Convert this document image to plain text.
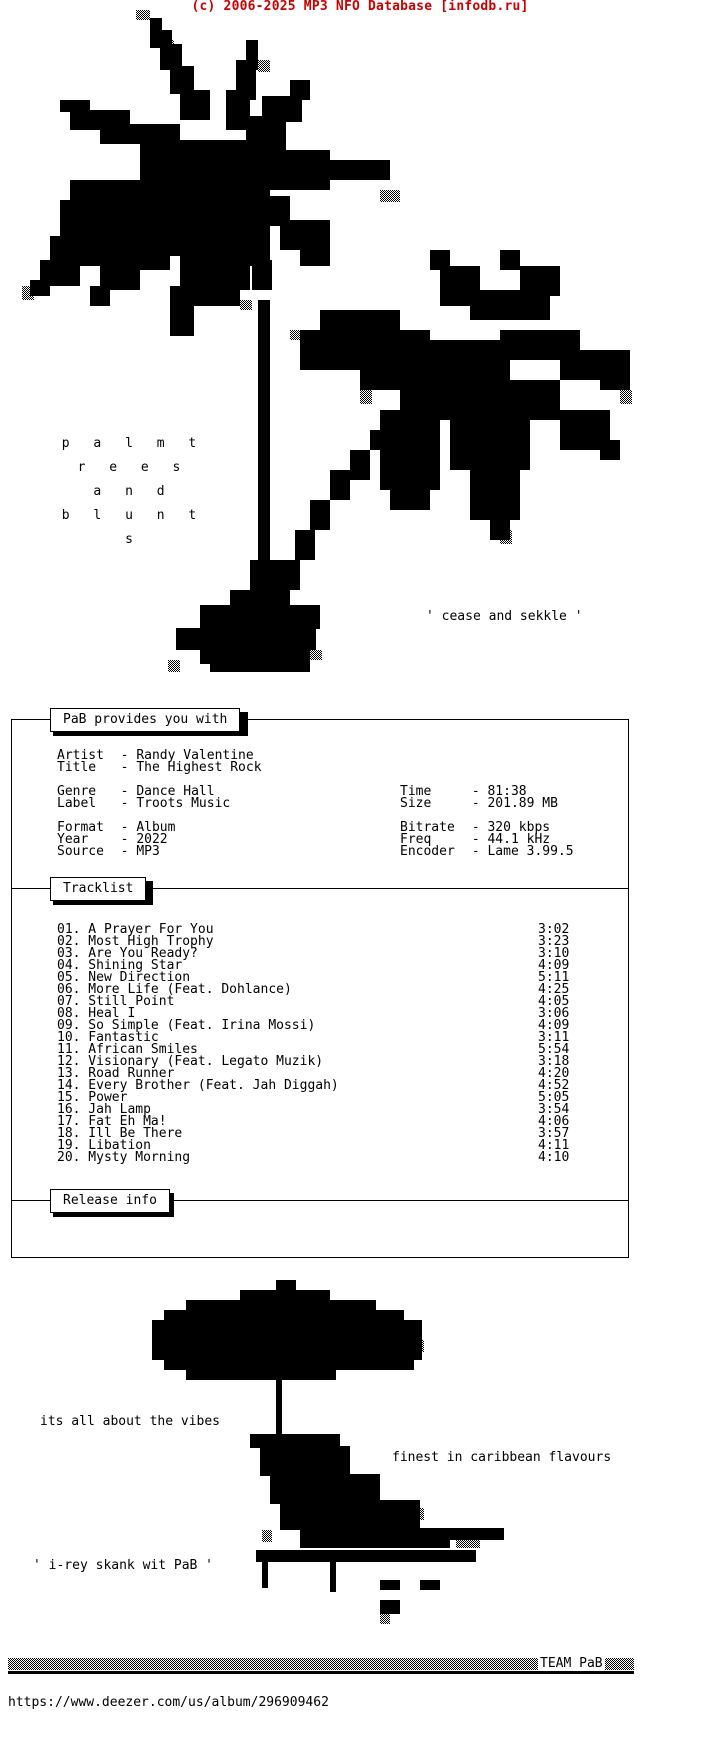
(c) 2006-2025 MP3 NFO Database [infodb.ru]
p a l m t r e e s
a n d
b l u n t s
' cease and sekkle '
PaB provides you with
Artist  - Randy Valentine
Title  - The Highest Rock
Genre  - Dance Hall
Label  - Troots Music
Format  - Album
Year  - 2022
Source  - MP3
Time	- 81:38
Size	- 201.89 MB
Bitrate - 320 kbps
Freq	- 44.1 kHz
Encoder - Lame 3.99.5
Tracklist
01. A Prayer For You	3:02
02. Most High Trophy	3:23
03. Are You Ready?	3:10
04. Shining Star	4:09
05. New Direction	5:11
06. More Life (Feat. Dohlance)	4:25
07. Still Point	4:05
08. Heal I	3:06
09. So Simple (Feat. Irina Mossi)	4:09
10. Fantastic	3:11
11. African Smiles	5:54
12. Visionary (Feat. Legato Muzik)	3:18
13. Road Runner	4:20
14. Every Brother (Feat. Jah Diggah)	4:52
15. Power	5:05
16. Jah Lamp	3:54
17. Fat Eh Ma!	4:06
18. Ill Be There	3:57
19. Libation	4:11
20. Mysty Morning	4:10
Release info
its all about the vibes
finest in caribbean flavours
' i-rey skank wit PaB '
TEAM PaB
https://www.deezer.com/us/album/296909462
